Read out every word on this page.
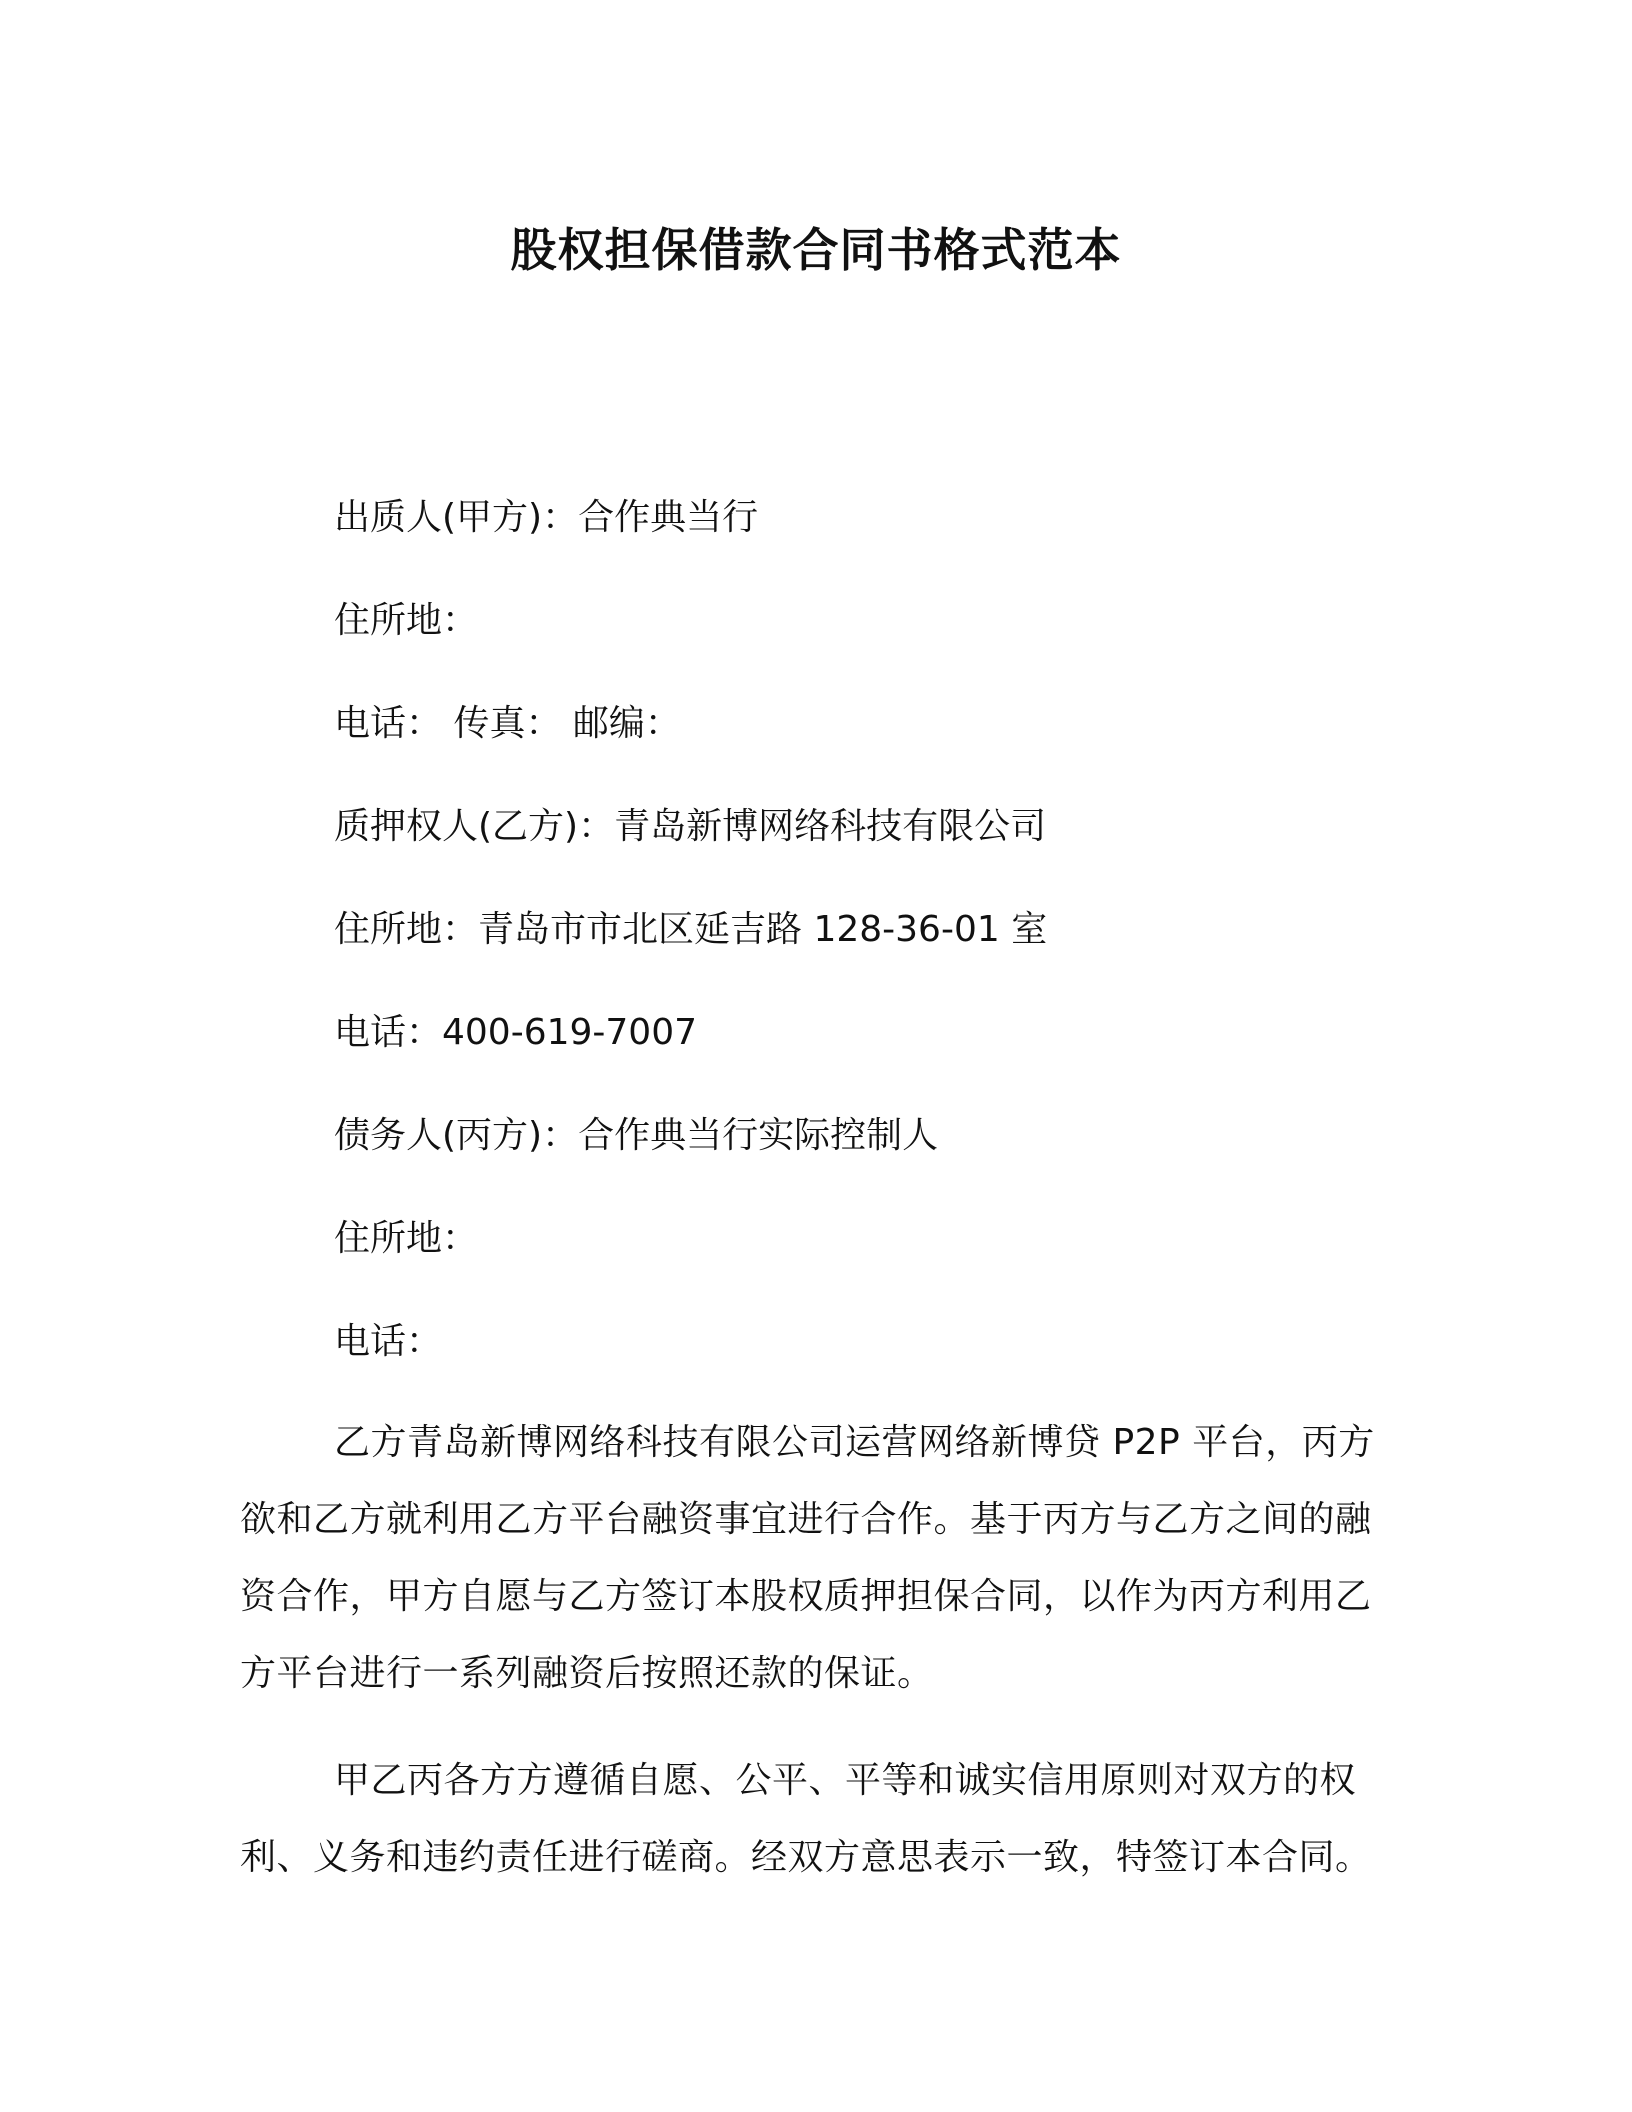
股权担保借款合同书格式范本
出质人(甲方)：合作典当行
住所地：
电话： 传真： 邮编：
质押权人(乙方)：青岛新博网络科技有限公司
住所地：青岛市市北区延吉路 128-36-01 室
电话：400-619-7007
债务人(丙方)：合作典当行实际控制人
住所地：
电话：

乙方青岛新博网络科技有限公司运营网络新博贷 P2P 平台，丙方欲和乙方就利用乙方平台融资事宜进行合作。基于丙方与乙方之间的融资合作，甲方自愿与乙方签订本股权质押担保合同，以作为丙方利用乙方平台进行一系列融资后按照还款的保证。

甲乙丙各方方遵循自愿、公平、平等和诚实信用原则对双方的权利、义务和违约责任进行磋商。经双方意思表示一致，特签订本合同。
